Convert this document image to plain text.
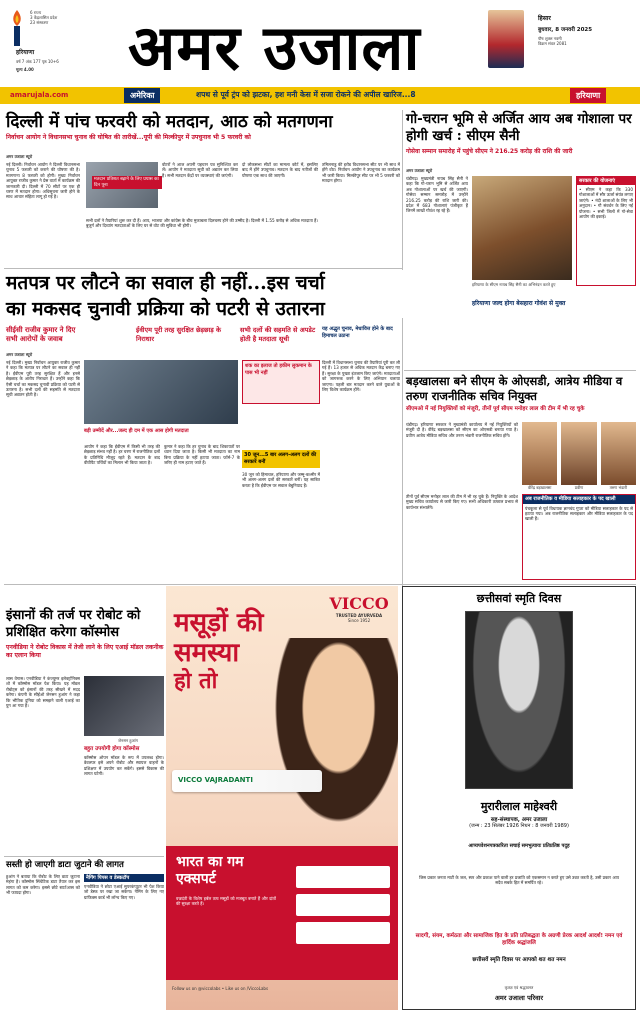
6 राज्य
3 केंद्रशासित प्रदेश
23 संस्करण
हरियाणा
वर्ष 7 अंक 177 पृष्ठ 10+6
मूल्य 4.00 अमर उजाला	हिसार
बुधवार, 8 जनवरी 2025
पौष शुक्ल नवमी
विक्रम संवत 2081
amarujala.com	अमेरिका	शपथ से पूर्व ट्रंप को झटका, हश मनी केस में सजा रोकने की अपील खारिज...8	हरियाणा
दिल्ली में पांच फरवरी को मतदान, आठ को मतगणना
निर्वाचन आयोग ने विधानसभा चुनाव की घोषित की तारीखें...यूपी की मिल्कीपुर में उपचुनाव भी 5 फरवरी को
अमर उजाला ब्यूरो
नई दिल्ली। निर्वाचन आयोग ने दिल्ली विधानसभा चुनाव 5 फरवरी को कराने की घोषणा की है। मतगणना 8 फरवरी को होगी। मुख्य निर्वाचन आयुक्त राजीव कुमार ने प्रेस वार्ता में कार्यक्रम की जानकारी दी। दिल्ली में 70 सीटों पर एक ही चरण में मतदान होगा। अधिसूचना जारी होने के साथ आचार संहिता लागू हो गई है।
मतदान प्रतिशत बढ़ाने के लिए प्रयास का दिन पूना
वोटरों ने आज अपनी पहचान पत्र सुनिश्चित कर लें। आयोग ने मतदाता सूची को अद्यतन कर लिया है। सभी मतदान केंद्रों पर व्यवस्थाएं की जाएंगी।
दो लोकसभा सीटों का मामला कोर्ट में, इसलिए बाद में होंगे उपचुनाव। मतदान के बाद नतीजों की घोषणा एक साथ की जाएगी।
तमिलनाडु की इरोड विधानसभा सीट पर भी साथ में होंगे वोट। निर्वाचन आयोग ने उपचुनाव का कार्यक्रम भी जारी किया। मिल्कीपुर सीट पर भी 5 फरवरी को मतदान होगा।
सभी दलों ने तैयारियां शुरू कर दी हैं। आप, भाजपा और कांग्रेस के बीच मुकाबला दिलचस्प होने की उम्मीद है। दिल्ली में 1.55 करोड़ से अधिक मतदाता हैं। बुजुर्ग और दिव्यांग मतदाताओं के लिए घर से वोट की सुविधा भी होगी।
गो-चरान भूमि से अर्जित आय अब गोशाला पर होगी खर्च : सीएम सैनी
गोसेवा सम्मान समारोह में पहुंचे सीएम ने 216.25 करोड़ की राशि की जारी
अमर उजाला ब्यूरो
चंडीगढ़। मुख्यमंत्री नायब सिंह सैनी ने कहा कि गो-चरान भूमि से अर्जित आय अब गोशालाओं पर खर्च की जाएगी। गोसेवा सम्मान समारोह में उन्होंने 216.25 करोड़ की राशि जारी की। प्रदेश में 683 गोशालाएं पंजीकृत हैं जिनमें लाखों गोवंश रह रहे हैं।
हरियाणा के सीएम नायब सिंह सैनी का अभिनंदन करते हुए
सरकार की योजनाएं
• सीएम ने कहा कि 330 गोशालाओं में सौर ऊर्जा संयंत्र लगाए जाएंगे। • नंदी शालाओं के लिए भी अनुदान। • गौ संवर्धन के लिए नई योजना। • सभी जिलों में गो-सेवा आयोग की इकाई।
हरियाणा जल्द होगा बेसहारा गोवंश से मुक्त
मतपत्र पर लौटने का सवाल ही नहीं...इस चर्चा
का मकसद चुनावी प्रक्रिया को पटरी से उतारना
सीईसी राजीव कुमार ने दिए
सभी आरोपों के जवाब
ईवीएम पूरी तरह सुरक्षित छेड़छाड़ के निराधार
सभी दलों की सहमति से अपडेट होती है मतदाता सूची
यह अद्भुत चुनाव, मेधावित्त होने के बाद हिमाचल उठाना
अमर उजाला ब्यूरो
नई दिल्ली। मुख्य निर्वाचन आयुक्त राजीव कुमार ने कहा कि मतपत्र पर लौटने का सवाल ही नहीं है। ईवीएम पूरी तरह सुरक्षित हैं और इनसे छेड़छाड़ के आरोप निराधार हैं। उन्होंने कहा कि ऐसी चर्चा का मकसद चुनावी प्रक्रिया को पटरी से उतारना है। सभी दलों की सहमति से मतदाता सूची अद्यतन होती है।
शक का इलाज तो हकीम लुकमान के पास भी नहीं
बड़ी उम्मीदें और...जल्द ही दम में एक आस होगी मतदाता
आयोग ने कहा कि ईवीएम में किसी भी तरह की छेड़छाड़ संभव नहीं है। हर चरण में राजनीतिक दलों के प्रतिनिधि मौजूद रहते हैं। मतदान के बाद वीवीपैट पर्चियों का मिलान भी किया जाता है।
कुमार ने कहा कि हर चुनाव के बाद शिकायतों पर ध्यान दिया जाता है। किसी भी मतदाता का नाम बिना प्रक्रिया के नहीं हटाया जाता। फॉर्म-7 के जरिए ही नाम हटाए जाते हैं।
30 जून...5 बार अलग-अलग दलों की सरकारें बनीं
30 जून को हिमाचल, हरियाणा और जम्मू-कश्मीर में भी अलग-अलग दलों की सरकारें बनीं। यह साबित करता है कि ईवीएम पर सवाल बेबुनियाद हैं।
दिल्ली में विधानसभा चुनाव की तैयारियां पूरी कर ली गई हैं। 13 हजार से अधिक मतदान केंद्र बनाए गए हैं। सुरक्षा के पुख्ता इंतजाम किए जाएंगे। मतदाताओं को जागरूक करने के लिए अभियान चलाया जाएगा। पहली बार मतदान करने वाले युवाओं के लिए विशेष कार्यक्रम होंगे।
बड़खालसा बने सीएम के ओएसडी, आत्रेय मीडिया व तरुण राजनीतिक सचिव नियुक्त
सीएमओ में नई नियुक्तियों को मंजूरी, तीनों पूर्व सीएम मनोहर लाल की टीम में भी रह चुके
चंडीगढ़। हरियाणा सरकार ने मुख्यमंत्री कार्यालय में नई नियुक्तियों को मंजूरी दी है। वीरेंद्र बड़खालसा को सीएम का ओएसडी बनाया गया है। प्रवीण आत्रेय मीडिया सचिव और तरुण भंडारी राजनीतिक सचिव होंगे।
वीरेंद्र बड़खालसा	प्रवीण	तरुण भंडारी
तीनों पूर्व सीएम मनोहर लाल की टीम में भी रह चुके हैं। नियुक्ति के आदेश मुख्य सचिव कार्यालय से जारी किए गए। सभी अधिकारी तत्काल प्रभाव से कार्यभार संभालेंगे।
अब राजनीतिक व मीडिया सलाहकार के पद खाली
पंचकूला से पूर्व विधायक ज्ञानचंद गुप्ता को मीडिया सलाहकार के पद से हटाया गया। अब राजनीतिक सलाहकार और मीडिया सलाहकार के पद खाली हैं।
इंसानों की तर्ज पर रोबोट को प्रशिक्षित करेगा कॉस्मोस
एनवीडिया ने रोबोट विकास में तेजी लाने के लिए एआई मॉडल तकनीक का एलान किया
लास वेगास। एनवीडिया ने कंज्यूमर इलेक्ट्रॉनिक्स शो में कॉस्मोस मॉडल पेश किया। यह मॉडल रोबोट्स को इंसानों की तरह सीखने में मदद करेगा। कंपनी के सीईओ जेनसन हुआंग ने कहा कि भौतिक दुनिया को समझने वाली एआई का युग आ गया है।
जेनसन हुआंग
बहुत उपयोगी होगा कॉस्मोस
कॉस्मोस ओपन मॉडल के रूप में उपलब्ध होगा। डेवलपर इसे अपने रोबोट और स्वायत्त वाहनों के प्रशिक्षण में उपयोग कर सकेंगे। इससे विकास की लागत घटेगी।
सस्ती हो जाएगी डाटा जुटाने की लागत
हुआंग ने बताया कि रोबोट के लिए डाटा जुटाना महंगा है। कॉस्मोस सिंथेटिक डाटा तैयार कर इस लागत को कम करेगा। इससे छोटे स्टार्टअप्स को भी फायदा होगा।
नैगिंग पिपस व डेस्कटॉप
एनवीडिया ने छोटा एआई सुपरकंप्यूटर भी पेश किया जो डेस्क पर रखा जा सकेगा। गेमिंग के लिए नए ग्राफिक्स कार्ड भी लॉन्च किए गए।
मसूड़ों की
समस्या
हो तो
VICCO
TRUSTED AYURVEDA
Since 1952
VICCO VAJRADANTI
भारत का गम एक्सपर्ट
वज्रदंती के विशेष हर्बल तत्व मसूड़ों को मजबूत बनाते हैं और दांतों की सुरक्षा करते हैं।
Follow us on @viccolabs • Like us on /ViccoLabs
छत्तीसवां स्मृति दिवस
मुरारीलाल माहेश्वरी
सह-संस्थापक, अमर उजाला
(जन्म : 23 सितंबर 1926 निधन : 8 जनवरी 1989)
आप्यपवेशनपत्रकारिता सचाई समभुत्यायः प्रतिप्रतिष्ठ पदुह
जिस प्रकार जनता माटी के जल, स्वर और प्रकाश पाने वाली हर प्रजाति को एकसमान न करते हुए उसे उन्नत करती है, उसी प्रकार आप सदैव सबके हित में समर्पित रहे।
सादगी, संयम, कर्मठता और सामाजिक हित के प्रति प्रतिबद्धता के अग्रणी प्रेरक आदर्श आदर्श! नमन एवं हार्दिक श्रद्धांजलि
छत्तीसवें स्मृति दिवस पर आपको शत शत नमन
कृतज्ञ एवं श्रद्धावनत
अमर उजाला परिवार
